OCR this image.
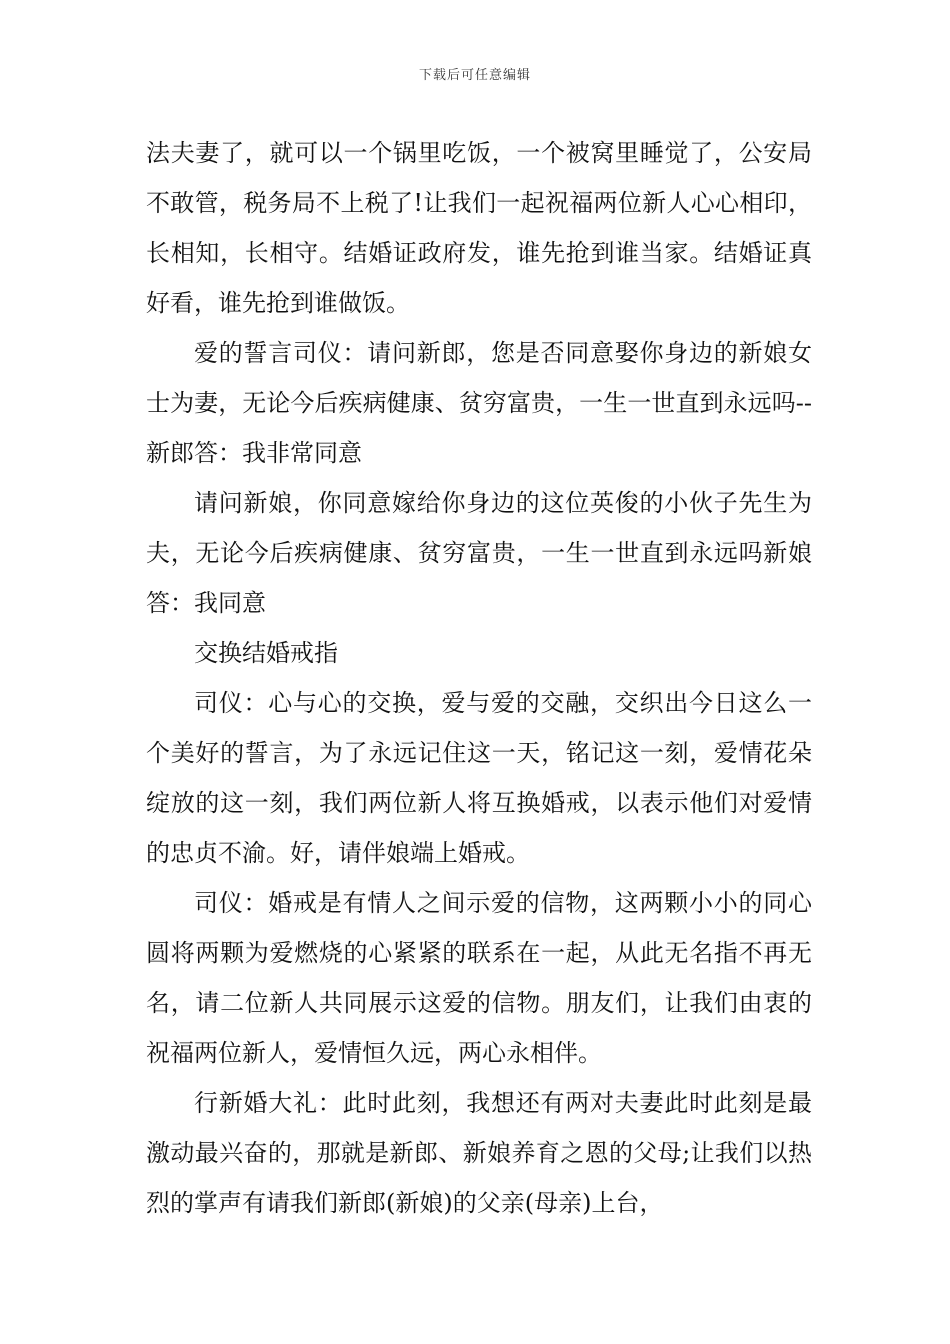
下载后可任意编辑

法夫妻了，就可以一个锅里吃饭，一个被窝里睡觉了，公安局不敢管，税务局不上税了!让我们一起祝福两位新人心心相印，长相知，长相守。结婚证政府发，谁先抢到谁当家。结婚证真好看，谁先抢到谁做饭。

爱的誓言司仪：请问新郎，您是否同意娶你身边的新娘女士为妻，无论今后疾病健康、贫穷富贵，一生一世直到永远吗--新郎答：我非常同意

请问新娘，你同意嫁给你身边的这位英俊的小伙子先生为夫，无论今后疾病健康、贫穷富贵，一生一世直到永远吗新娘答：我同意

交换结婚戒指

司仪：心与心的交换，爱与爱的交融，交织出今日这么一个美好的誓言，为了永远记住这一天，铭记这一刻，爱情花朵绽放的这一刻，我们两位新人将互换婚戒，以表示他们对爱情的忠贞不渝。好，请伴娘端上婚戒。

司仪：婚戒是有情人之间示爱的信物，这两颗小小的同心圆将两颗为爱燃烧的心紧紧的联系在一起，从此无名指不再无名，请二位新人共同展示这爱的信物。朋友们，让我们由衷的祝福两位新人，爱情恒久远，两心永相伴。

行新婚大礼：此时此刻，我想还有两对夫妻此时此刻是最激动最兴奋的，那就是新郎、新娘养育之恩的父母;让我们以热烈的掌声有请我们新郎(新娘)的父亲(母亲)上台，
